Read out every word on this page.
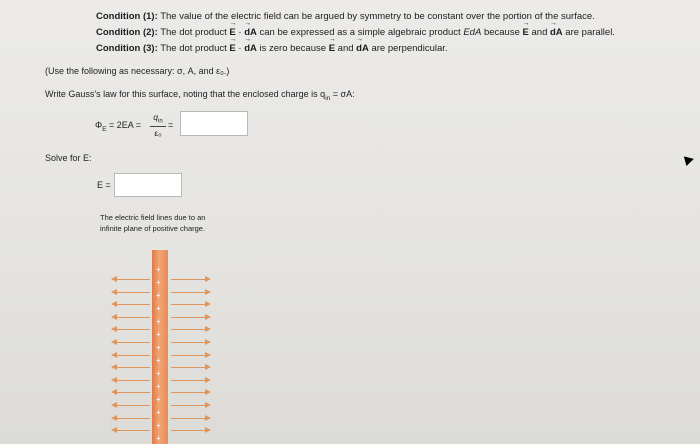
Condition (1): The value of the electric field can be argued by symmetry to be constant over the portion of the surface.
Condition (2): The dot product → E · → dA can be expressed as a simple algebraic product EdA because → E and → dA are parallel.
Condition (3): The dot product → E · → dA is zero because → E and → dA are perpendicular.
(Use the following as necessary: σ, A, and ε₀.)
Write Gauss's law for this surface, noting that the enclosed charge is $q_{in} = \sigma A$:
$\Phi_E = 2EA$ =
$q_{in}$
ε₀
=
Solve for E:
E =
The electric field lines due to an
infinite plane of positive charge.
+
+
+
+
+
+
+
+
+
+
+
+
+
+
